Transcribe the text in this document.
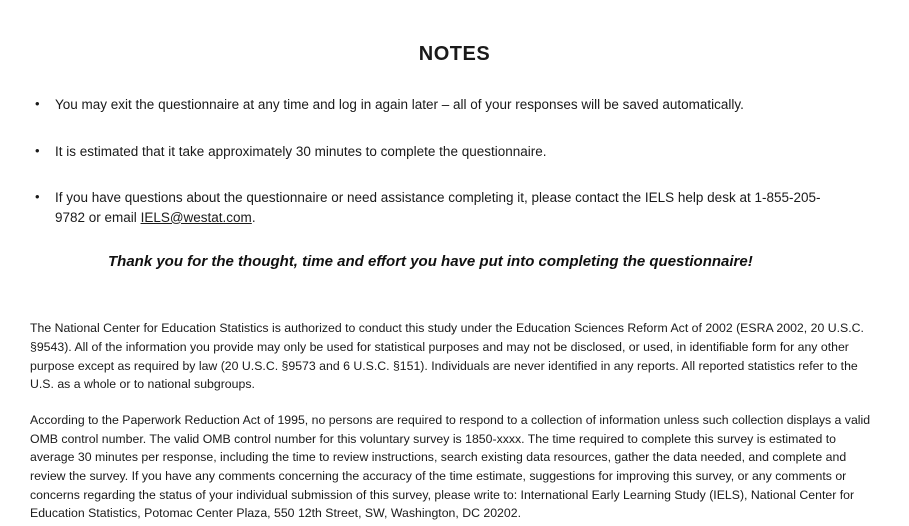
NOTES
• You may exit the questionnaire at any time and log in again later – all of your responses will be saved automatically.
• It is estimated that it take approximately 30 minutes to complete the questionnaire.
• If you have questions about the questionnaire or need assistance completing it, please contact the IELS help desk at 1-855-205-9782 or email IELS@westat.com.
Thank you for the thought, time and effort you have put into completing the questionnaire!

The National Center for Education Statistics is authorized to conduct this study under the Education Sciences Reform Act of 2002 (ESRA 2002, 20 U.S.C. §9543). All of the information you provide may only be used for statistical purposes and may not be disclosed, or used, in identifiable form for any other purpose except as required by law (20 U.S.C. §9573 and 6 U.S.C. §151). Individuals are never identified in any reports. All reported statistics refer to the U.S. as a whole or to national subgroups.

According to the Paperwork Reduction Act of 1995, no persons are required to respond to a collection of information unless such collection displays a valid OMB control number. The valid OMB control number for this voluntary survey is 1850-xxxx. The time required to complete this survey is estimated to average 30 minutes per response, including the time to review instructions, search existing data resources, gather the data needed, and complete and review the survey. If you have any comments concerning the accuracy of the time estimate, suggestions for improving this survey, or any comments or concerns regarding the status of your individual submission of this survey, please write to: International Early Learning Study (IELS), National Center for Education Statistics, Potomac Center Plaza, 550 12th Street, SW, Washington, DC 20202.
